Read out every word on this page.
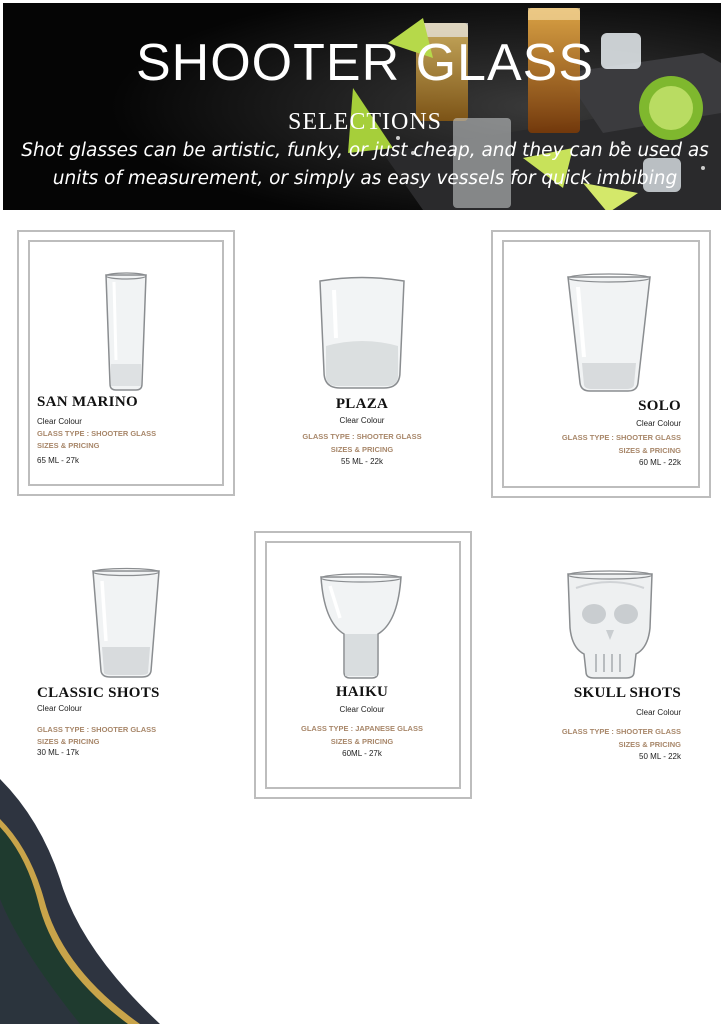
SHOOTER GLASS
SELECTIONS
Shot glasses can be artistic, funky, or just cheap, and they can be used as
units of measurement, or simply as easy vessels for quick imbibing
SAN MARINO
Clear Colour
GLASS TYPE : SHOOTER GLASS
SIZES & PRICING
65 ML - 27k
PLAZA
Clear Colour
GLASS TYPE : SHOOTER GLASS
SIZES & PRICING
55 ML - 22k
SOLO
Clear Colour
GLASS TYPE : SHOOTER GLASS
SIZES & PRICING
60 ML - 22k
CLASSIC SHOTS
Clear Colour
GLASS TYPE : SHOOTER GLASS
SIZES & PRICING
30 ML - 17k
HAIKU
Clear Colour
GLASS TYPE : JAPANESE GLASS
SIZES & PRICING
60ML - 27k
SKULL SHOTS
Clear Colour
GLASS TYPE : SHOOTER GLASS
SIZES & PRICING
50 ML - 22k
